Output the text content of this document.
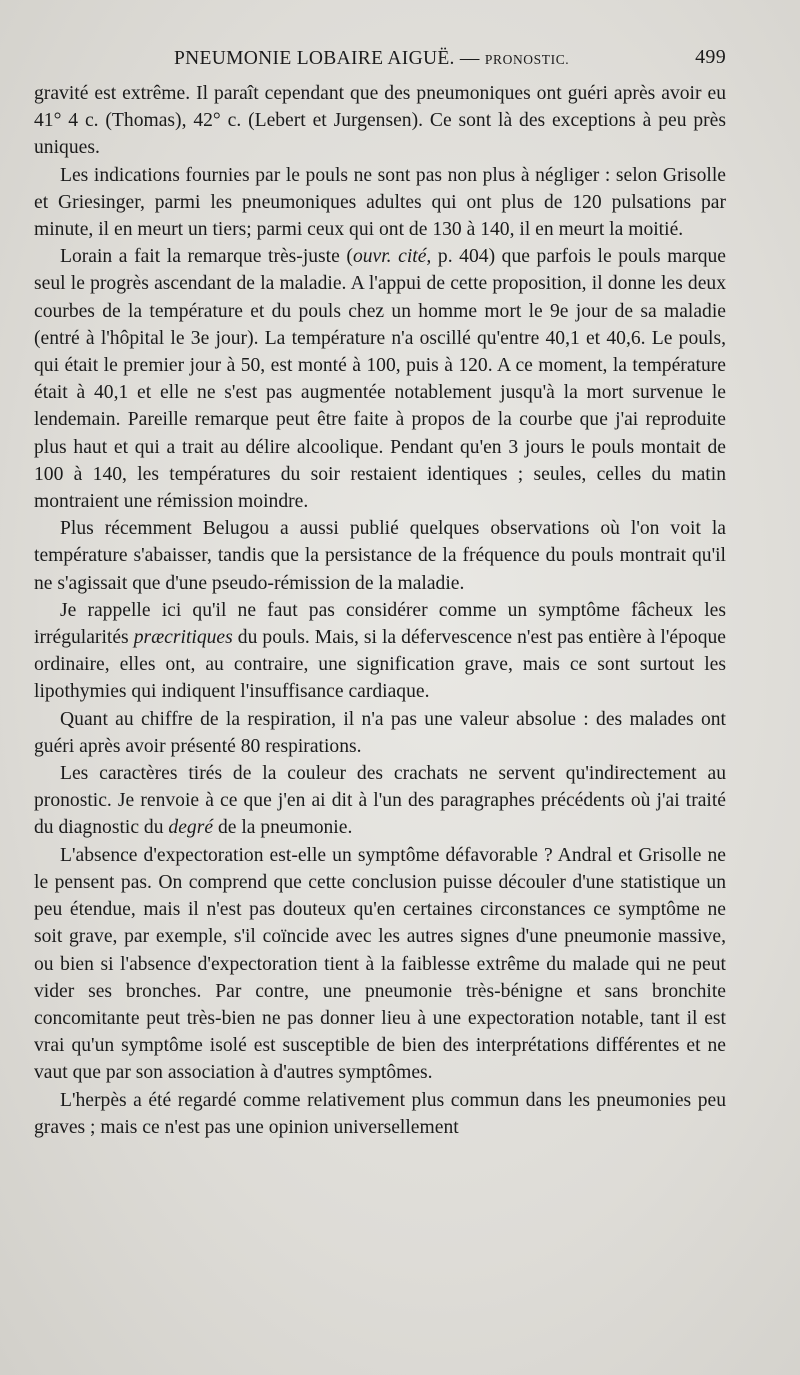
PNEUMONIE LOBAIRE AIGUË. — PRONOSTIC.	499

gravité est extrême. Il paraît cependant que des pneumoniques ont guéri après avoir eu 41° 4 c. (Thomas), 42° c. (Lebert et Jurgensen). Ce sont là des exceptions à peu près uniques.

Les indications fournies par le pouls ne sont pas non plus à négliger : selon Grisolle et Griesinger, parmi les pneumoniques adultes qui ont plus de 120 pulsations par minute, il en meurt un tiers; parmi ceux qui ont de 130 à 140, il en meurt la moitié.

Lorain a fait la remarque très-juste (ouvr. cité, p. 404) que parfois le pouls marque seul le progrès ascendant de la maladie. A l'appui de cette proposition, il donne les deux courbes de la température et du pouls chez un homme mort le 9e jour de sa maladie (entré à l'hôpital le 3e jour). La température n'a oscillé qu'entre 40,1 et 40,6. Le pouls, qui était le premier jour à 50, est monté à 100, puis à 120. A ce moment, la température était à 40,1 et elle ne s'est pas augmentée notablement jusqu'à la mort survenue le lendemain. Pareille remarque peut être faite à propos de la courbe que j'ai reproduite plus haut et qui a trait au délire alcoolique. Pendant qu'en 3 jours le pouls montait de 100 à 140, les températures du soir restaient identiques ; seules, celles du matin montraient une rémission moindre.

Plus récemment Belugou a aussi publié quelques observations où l'on voit la température s'abaisser, tandis que la persistance de la fréquence du pouls montrait qu'il ne s'agissait que d'une pseudo-rémission de la maladie.

Je rappelle ici qu'il ne faut pas considérer comme un symptôme fâcheux les irrégularités præcritiques du pouls. Mais, si la défervescence n'est pas entière à l'époque ordinaire, elles ont, au contraire, une signification grave, mais ce sont surtout les lipothymies qui indiquent l'insuffisance cardiaque.

Quant au chiffre de la respiration, il n'a pas une valeur absolue : des malades ont guéri après avoir présenté 80 respirations.

Les caractères tirés de la couleur des crachats ne servent qu'indirectement au pronostic. Je renvoie à ce que j'en ai dit à l'un des paragraphes précédents où j'ai traité du diagnostic du degré de la pneumonie.

L'absence d'expectoration est-elle un symptôme défavorable ? Andral et Grisolle ne le pensent pas. On comprend que cette conclusion puisse découler d'une statistique un peu étendue, mais il n'est pas douteux qu'en certaines circonstances ce symptôme ne soit grave, par exemple, s'il coïncide avec les autres signes d'une pneumonie massive, ou bien si l'absence d'expectoration tient à la faiblesse extrême du malade qui ne peut vider ses bronches. Par contre, une pneumonie très-bénigne et sans bronchite concomitante peut très-bien ne pas donner lieu à une expectoration notable, tant il est vrai qu'un symptôme isolé est susceptible de bien des interprétations différentes et ne vaut que par son association à d'autres symptômes.

L'herpès a été regardé comme relativement plus commun dans les pneumonies peu graves ; mais ce n'est pas une opinion universellement
